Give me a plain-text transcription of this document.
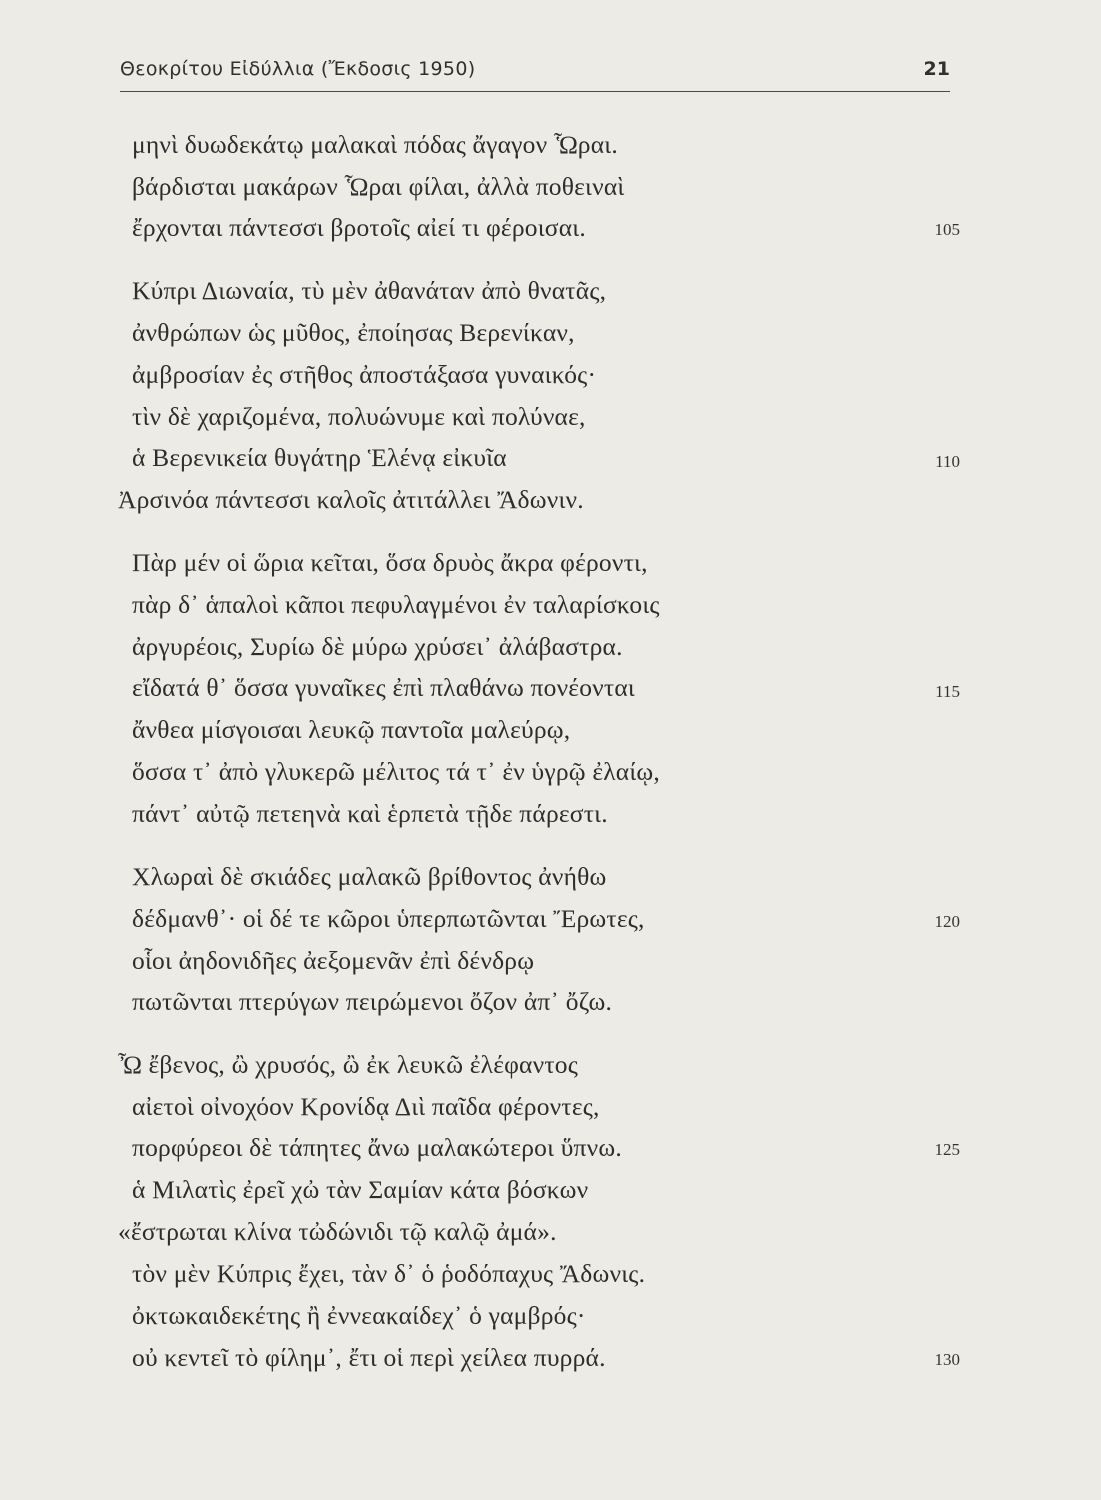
Θεοκρίτου Εἰδύλλια (Ἔκδοσις 1950)	21
μηνὶ δυωδεκάτῳ μαλακαὶ πόδας ἄγαγον Ὧραι.
βάρδισται μακάρων Ὧραι φίλαι, ἀλλὰ ποθειναὶ
ἔρχονται πάντεσσι βροτοῖς αἰεί τι φέροισαι.
Κύπρι Διωναία, τὺ μὲν ἀθανάταν ἀπὸ θνατᾶς,
ἀνθρώπων ὡς μῦθος, ἐποίησας Βερενίκαν,
ἀμβροσίαν ἐς στῆθος ἀποστάξασα γυναικός·
τὶν δὲ χαριζομένα, πολυώνυμε καὶ πολύναε,
ἁ Βερενικεία θυγάτηρ Ἑλένᾳ εἰκυῖα
Ἀρσινόα πάντεσσι καλοῖς ἀτιτάλλει Ἄδωνιν.
Πὰρ μέν οἱ ὥρια κεῖται, ὅσα δρυὸς ἄκρα φέροντι,
πὰρ δ᾽ ἁπαλοὶ κᾶποι πεφυλαγμένοι ἐν ταλαρίσκοις
ἀργυρέοις, Συρίω δὲ μύρω χρύσει᾽ ἀλάβαστρα.
εἴδατά θ᾽ ὅσσα γυναῖκες ἐπὶ πλαθάνω πονέονται
ἄνθεα μίσγοισαι λευκῷ παντοῖα μαλεύρῳ,
ὅσσα τ᾽ ἀπὸ γλυκερῶ μέλιτος τά τ᾽ ἐν ὑγρῷ ἐλαίῳ,
πάντ᾽ αὐτῷ πετεηνὰ καὶ ἑρπετὰ τῇδε πάρεστι.
Χλωραὶ δὲ σκιάδες μαλακῶ βρίθοντος ἀνήθω
δέδμανθ᾽· οἱ δέ τε κῶροι ὑπερπωτῶνται Ἔρωτες,
οἷοι ἀηδονιδῆες ἀεξομενᾶν ἐπὶ δένδρῳ
πωτῶνται πτερύγων πειρώμενοι ὄζον ἀπ᾽ ὄζω.
Ὦ ἔβενος, ὢ χρυσός, ὢ ἐκ λευκῶ ἐλέφαντος
αἰετοὶ οἰνοχόον Κρονίδᾳ Διὶ παῖδα φέροντες,
πορφύρεοι δὲ τάπητες ἄνω μαλακώτεροι ὕπνω.
ἁ Μιλατὶς ἐρεῖ χὠ τὰν Σαμίαν κάτα βόσκων
«ἔστρωται κλίνα τὠδώνιδι τῷ καλῷ ἀμά».
τὸν μὲν Κύπρις ἔχει, τὰν δ᾽ ὁ ῥοδόπαχυς Ἄδωνις.
ὀκτωκαιδεκέτης ἢ ἐννεακαίδεχ᾽ ὁ γαμβρός·
οὐ κεντεῖ τὸ φίλημ᾽, ἔτι οἱ περὶ χείλεα πυρρά.
105
110
115
120
125
130
